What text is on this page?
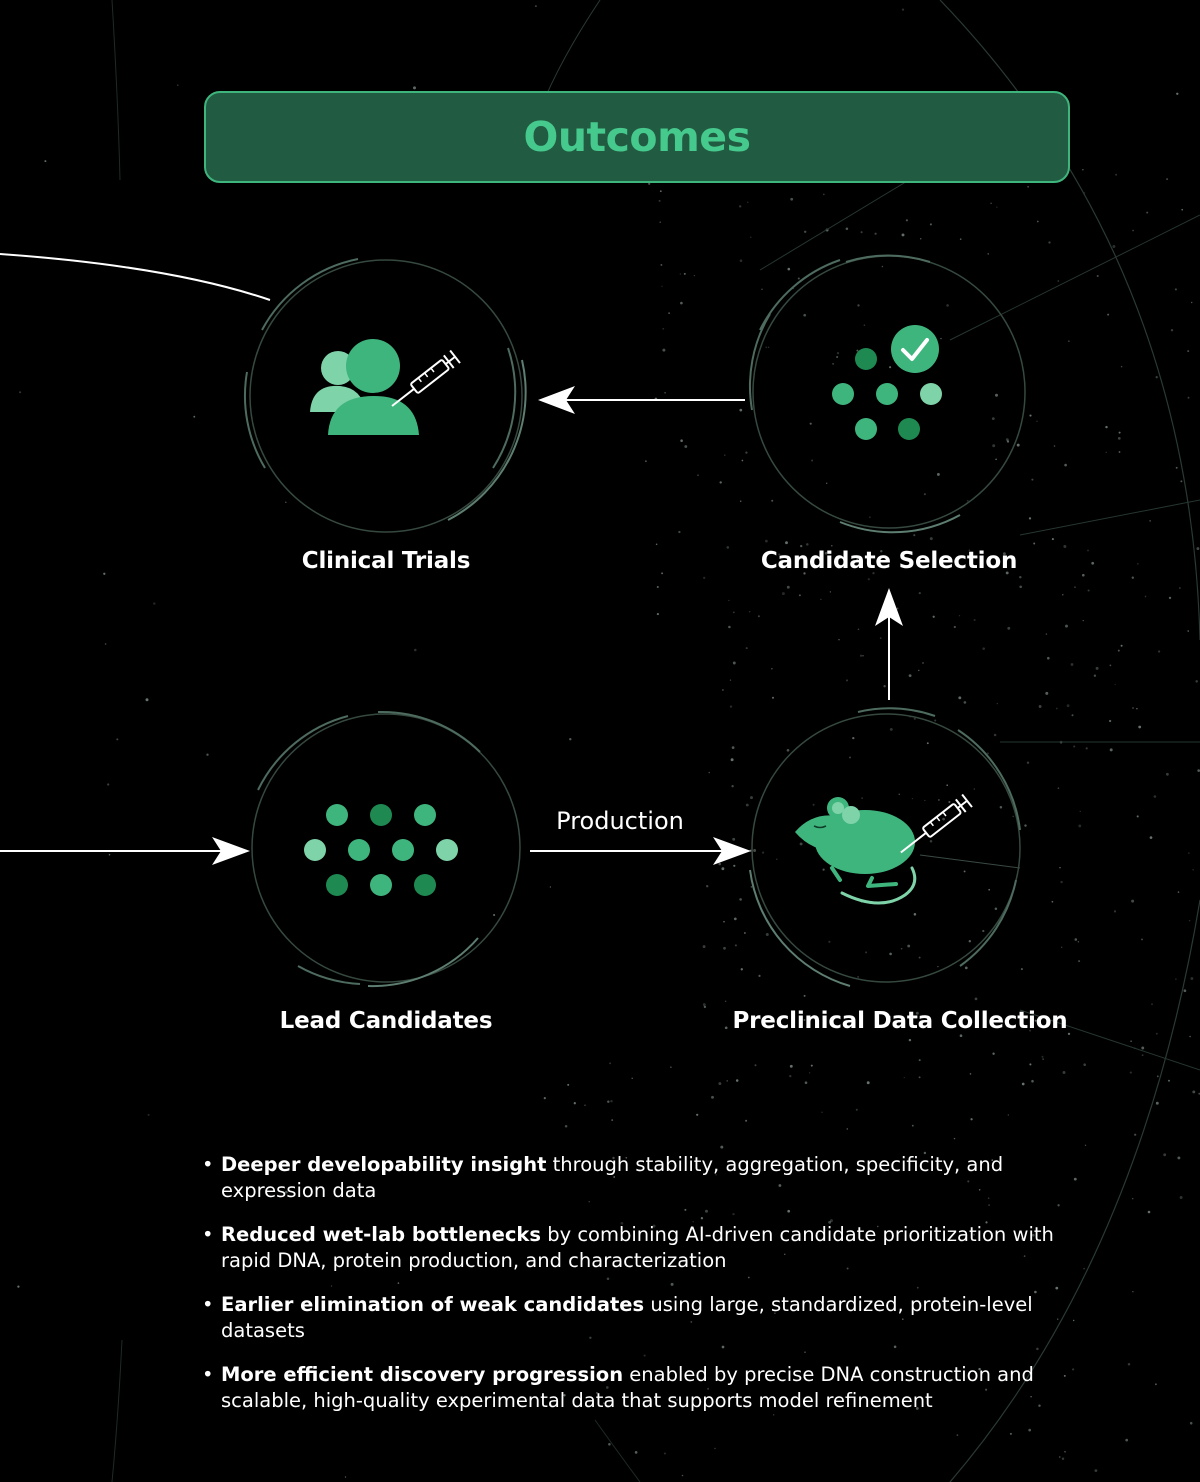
Outcomes
Clinical Trials	Candidate Selection
Lead Candidates	Preclinical Data Collection
Production
• Deeper developability insight through stability, aggregation, specificity, and expression data
• Reduced wet-lab bottlenecks by combining AI-driven candidate prioritization with rapid DNA, protein production, and characterization
• Earlier elimination of weak candidates using large, standardized, protein-level datasets
• More efficient discovery progression enabled by precise DNA construction and scalable, high-quality experimental data that supports model refinement
